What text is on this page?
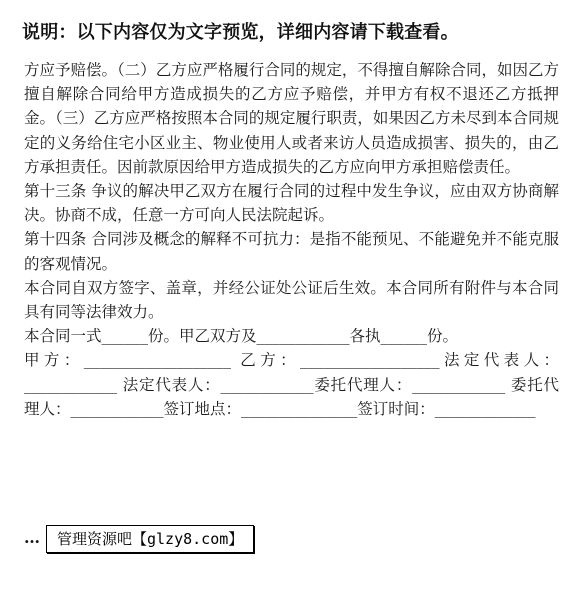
说明：以下内容仅为文字预览，详细内容请下载查看。

方应予赔偿。（二）乙方应严格履行合同的规定，不得擅自解除合同，如因乙方擅自解除合同给甲方造成损失的乙方应予赔偿，并甲方有权不退还乙方抵押金。（三）乙方应严格按照本合同的规定履行职责，如果因乙方未尽到本合同规定的义务给住宅小区业主、物业使用人或者来访人员造成损害、损失的，由乙方承担责任。因前款原因给甲方造成损失的乙方应向甲方承担赔偿责任。

第十三条 争议的解决甲乙双方在履行合同的过程中发生争议，应由双方协商解决。协商不成，任意一方可向人民法院起诉。

第十四条 合同涉及概念的解释不可抗力：是指不能预见、不能避免并不能克服的客观情况。

本合同自双方签字、盖章，并经公证处公证后生效。本合同所有附件与本合同具有同等法律效力。

本合同一式______份。甲乙双方及____________各执______份。

甲方：___________________ 乙方：__________________法定代表人：____________ 法定代表人：____________委托代理人：____________ 委托代理人：____________签订地点：_______________签订时间：_____________

…	管理资源吧【glzy8.com】
